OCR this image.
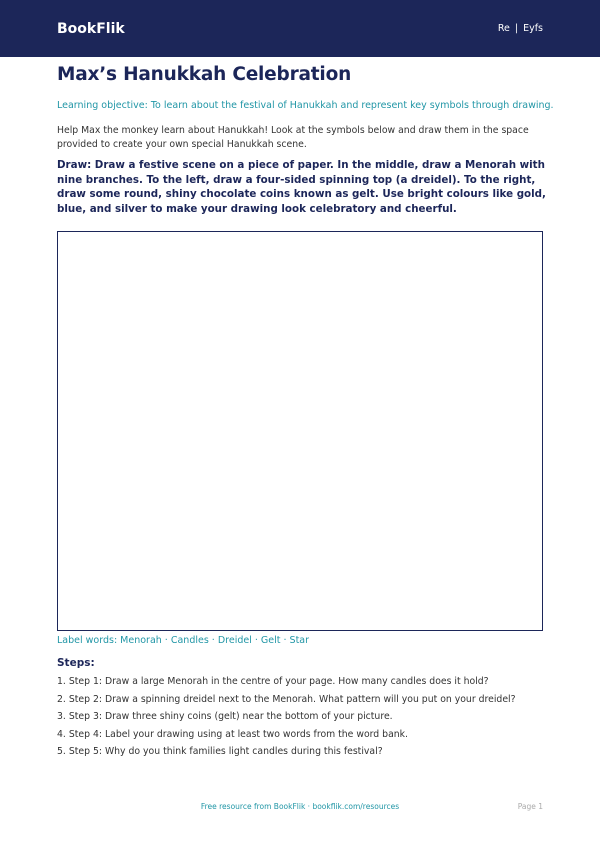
BookFlik	Re | Eyfs
Max’s Hanukkah Celebration

Learning objective: To learn about the festival of Hanukkah and represent key symbols through drawing.

Help Max the monkey learn about Hanukkah! Look at the symbols below and draw them in the space provided to create your own special Hanukkah scene.

Draw: Draw a festive scene on a piece of paper. In the middle, draw a Menorah with nine branches. To the left, draw a four-sided spinning top (a dreidel). To the right, draw some round, shiny chocolate coins known as gelt. Use bright colours like gold, blue, and silver to make your drawing look celebratory and cheerful.

Label words: Menorah · Candles · Dreidel · Gelt · Star

Steps:
1. Step 1: Draw a large Menorah in the centre of your page. How many candles does it hold?
2. Step 2: Draw a spinning dreidel next to the Menorah. What pattern will you put on your dreidel?
3. Step 3: Draw three shiny coins (gelt) near the bottom of your picture.
4. Step 4: Label your drawing using at least two words from the word bank.
5. Step 5: Why do you think families light candles during this festival?
Free resource from BookFlik · bookflik.com/resources	Page 1
